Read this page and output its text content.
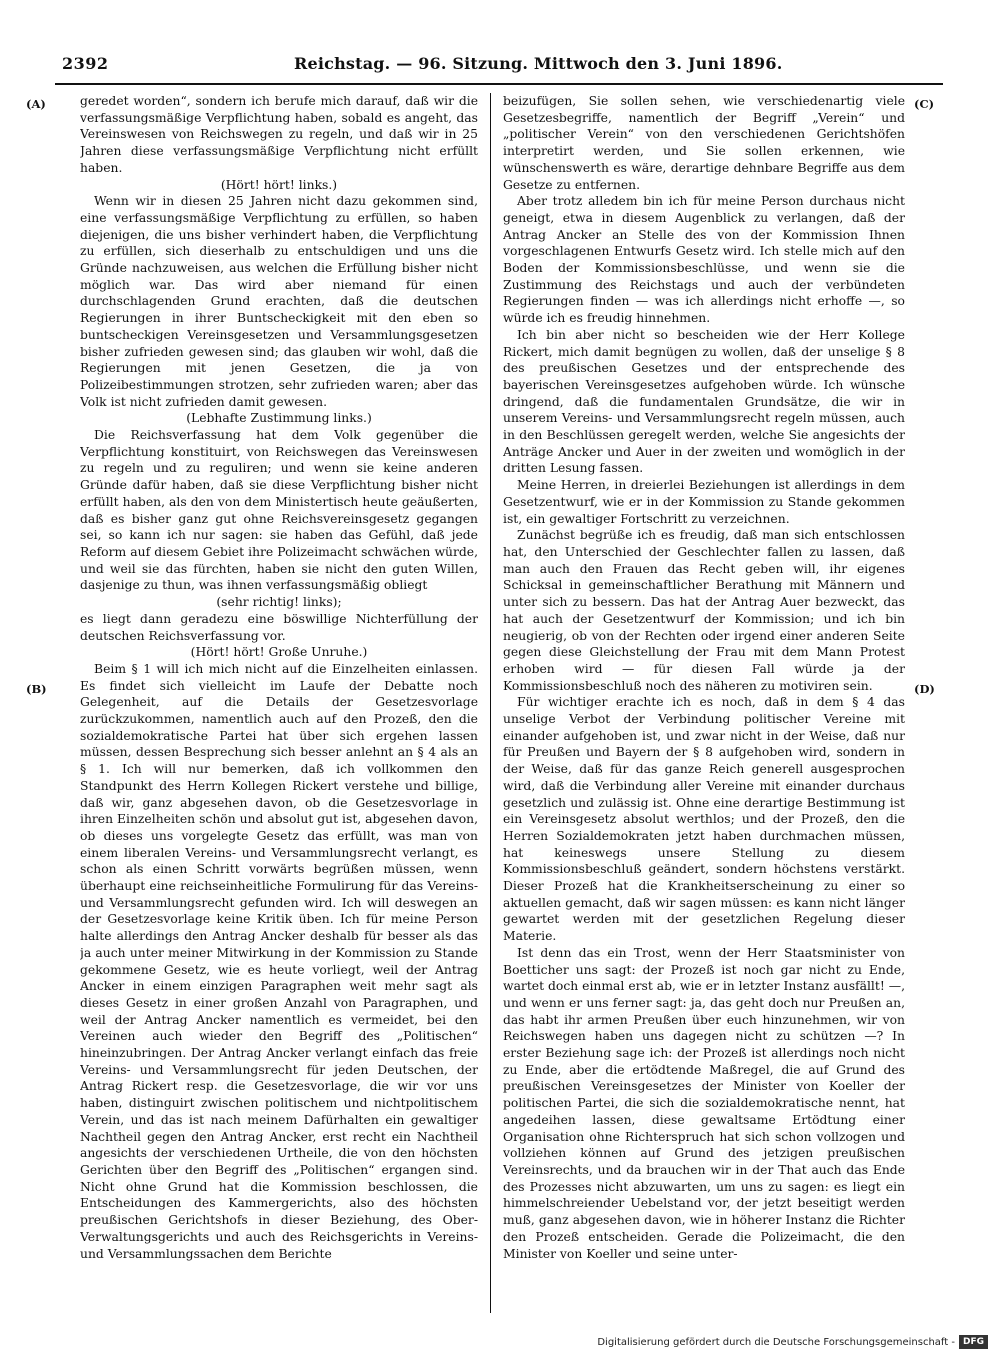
2392	Reichstag. — 96. Sitzung. Mittwoch den 3. Juni 1896.
(A)
(B)
(C)
(D)

geredet worden“, sondern ich berufe mich darauf, daß wir die verfassungsmäßige Verpflichtung haben, sobald es angeht, das Vereinswesen von Reichswegen zu regeln, und daß wir in 25 Jahren diese verfassungsmäßige Verpflichtung nicht erfüllt haben.

(Hört! hört! links.)

Wenn wir in diesen 25 Jahren nicht dazu gekommen sind, eine verfassungsmäßige Verpflichtung zu erfüllen, so haben diejenigen, die uns bisher verhindert haben, die Verpflichtung zu erfüllen, sich dieserhalb zu entschuldigen und uns die Gründe nachzuweisen, aus welchen die Erfüllung bisher nicht möglich war. Das wird aber niemand für einen durchschlagenden Grund erachten, daß die deutschen Regierungen in ihrer Buntscheckigkeit mit den eben so buntscheckigen Vereinsgesetzen und Versammlungsgesetzen bisher zufrieden gewesen sind; das glauben wir wohl, daß die Regierungen mit jenen Gesetzen, die ja von Polizeibestimmungen strotzen, sehr zufrieden waren; aber das Volk ist nicht zufrieden damit gewesen.

(Lebhafte Zustimmung links.)

Die Reichsverfassung hat dem Volk gegenüber die Verpflichtung konstituirt, von Reichswegen das Vereinswesen zu regeln und zu reguliren; und wenn sie keine anderen Gründe dafür haben, daß sie diese Verpflichtung bisher nicht erfüllt haben, als den von dem Ministertisch heute geäußerten, daß es bisher ganz gut ohne Reichsvereinsgesetz gegangen sei, so kann ich nur sagen: sie haben das Gefühl, daß jede Reform auf diesem Gebiet ihre Polizeimacht schwächen würde, und weil sie das fürchten, haben sie nicht den guten Willen, dasjenige zu thun, was ihnen verfassungsmäßig obliegt

(sehr richtig! links);

es liegt dann geradezu eine böswillige Nichterfüllung der deutschen Reichsverfassung vor.

(Hört! hört! Große Unruhe.)

Beim § 1 will ich mich nicht auf die Einzelheiten einlassen. Es findet sich vielleicht im Laufe der Debatte noch Gelegenheit, auf die Details der Gesetzesvorlage zurückzukommen, namentlich auch auf den Prozeß, den die sozialdemokratische Partei hat über sich ergehen lassen müssen, dessen Besprechung sich besser anlehnt an § 4 als an § 1. Ich will nur bemerken, daß ich vollkommen den Standpunkt des Herrn Kollegen Rickert verstehe und billige, daß wir, ganz abgesehen davon, ob die Gesetzesvorlage in ihren Einzelheiten schön und absolut gut ist, abgesehen davon, ob dieses uns vorgelegte Gesetz das erfüllt, was man von einem liberalen Vereins- und Versammlungsrecht verlangt, es schon als einen Schritt vorwärts begrüßen müssen, wenn überhaupt eine reichseinheitliche Formulirung für das Vereins- und Versammlungsrecht gefunden wird. Ich will deswegen an der Gesetzesvorlage keine Kritik üben. Ich für meine Person halte allerdings den Antrag Ancker deshalb für besser als das ja auch unter meiner Mitwirkung in der Kommission zu Stande gekommene Gesetz, wie es heute vorliegt, weil der Antrag Ancker in einem einzigen Paragraphen weit mehr sagt als dieses Gesetz in einer großen Anzahl von Paragraphen, und weil der Antrag Ancker namentlich es vermeidet, bei den Vereinen auch wieder den Begriff des „Politischen“ hineinzubringen. Der Antrag Ancker verlangt einfach das freie Vereins- und Versammlungsrecht für jeden Deutschen, der Antrag Rickert resp. die Gesetzesvorlage, die wir vor uns haben, distinguirt zwischen politischem und nichtpolitischem Verein, und das ist nach meinem Dafürhalten ein gewaltiger Nachtheil gegen den Antrag Ancker, erst recht ein Nachtheil angesichts der verschiedenen Urtheile, die von den höchsten Gerichten über den Begriff des „Politischen“ ergangen sind. Nicht ohne Grund hat die Kommission beschlossen, die Entscheidungen des Kammergerichts, also des höchsten preußischen Gerichtshofs in dieser Beziehung, des Ober-Verwaltungsgerichts und auch des Reichsgerichts in Vereins- und Versammlungssachen dem Berichte

beizufügen, Sie sollen sehen, wie verschiedenartig viele Gesetzesbegriffe, namentlich der Begriff „Verein“ und „politischer Verein“ von den verschiedenen Gerichtshöfen interpretirt werden, und Sie sollen erkennen, wie wünschenswerth es wäre, derartige dehnbare Begriffe aus dem Gesetze zu entfernen.

Aber trotz alledem bin ich für meine Person durchaus nicht geneigt, etwa in diesem Augenblick zu verlangen, daß der Antrag Ancker an Stelle des von der Kommission Ihnen vorgeschlagenen Entwurfs Gesetz wird. Ich stelle mich auf den Boden der Kommissionsbeschlüsse, und wenn sie die Zustimmung des Reichstags und auch der verbündeten Regierungen finden — was ich allerdings nicht erhoffe —, so würde ich es freudig hinnehmen.

Ich bin aber nicht so bescheiden wie der Herr Kollege Rickert, mich damit begnügen zu wollen, daß der unselige § 8 des preußischen Gesetzes und der entsprechende des bayerischen Vereinsgesetzes aufgehoben würde. Ich wünsche dringend, daß die fundamentalen Grundsätze, die wir in unserem Vereins- und Versammlungsrecht regeln müssen, auch in den Beschlüssen geregelt werden, welche Sie angesichts der Anträge Ancker und Auer in der zweiten und womöglich in der dritten Lesung fassen.

Meine Herren, in dreierlei Beziehungen ist allerdings in dem Gesetzentwurf, wie er in der Kommission zu Stande gekommen ist, ein gewaltiger Fortschritt zu verzeichnen.

Zunächst begrüße ich es freudig, daß man sich entschlossen hat, den Unterschied der Geschlechter fallen zu lassen, daß man auch den Frauen das Recht geben will, ihr eigenes Schicksal in gemeinschaftlicher Berathung mit Männern und unter sich zu bessern. Das hat der Antrag Auer bezweckt, das hat auch der Gesetzentwurf der Kommission; und ich bin neugierig, ob von der Rechten oder irgend einer anderen Seite gegen diese Gleichstellung der Frau mit dem Mann Protest erhoben wird — für diesen Fall würde ja der Kommissionsbeschluß noch des näheren zu motiviren sein.

Für wichtiger erachte ich es noch, daß in dem § 4 das unselige Verbot der Verbindung politischer Vereine mit einander aufgehoben ist, und zwar nicht in der Weise, daß nur für Preußen und Bayern der § 8 aufgehoben wird, sondern in der Weise, daß für das ganze Reich generell ausgesprochen wird, daß die Verbindung aller Vereine mit einander durchaus gesetzlich und zulässig ist. Ohne eine derartige Bestimmung ist ein Vereinsgesetz absolut werthlos; und der Prozeß, den die Herren Sozialdemokraten jetzt haben durchmachen müssen, hat keineswegs unsere Stellung zu diesem Kommissionsbeschluß geändert, sondern höchstens verstärkt. Dieser Prozeß hat die Krankheitserscheinung zu einer so aktuellen gemacht, daß wir sagen müssen: es kann nicht länger gewartet werden mit der gesetzlichen Regelung dieser Materie.

Ist denn das ein Trost, wenn der Herr Staatsminister von Boetticher uns sagt: der Prozeß ist noch gar nicht zu Ende, wartet doch einmal erst ab, wie er in letzter Instanz ausfällt! —, und wenn er uns ferner sagt: ja, das geht doch nur Preußen an, das habt ihr armen Preußen über euch hinzunehmen, wir von Reichswegen haben uns dagegen nicht zu schützen —? In erster Beziehung sage ich: der Prozeß ist allerdings noch nicht zu Ende, aber die ertödtende Maßregel, die auf Grund des preußischen Vereinsgesetzes der Minister von Koeller der politischen Partei, die sich die sozialdemokratische nennt, hat angedeihen lassen, diese gewaltsame Ertödtung einer Organisation ohne Richterspruch hat sich schon vollzogen und vollziehen können auf Grund des jetzigen preußischen Vereinsrechts, und da brauchen wir in der That auch das Ende des Prozesses nicht abzuwarten, um uns zu sagen: es liegt ein himmelschreiender Uebelstand vor, der jetzt beseitigt werden muß, ganz abgesehen davon, wie in höherer Instanz die Richter den Prozeß entscheiden. Gerade die Polizeimacht, die den Minister von Koeller und seine unter-

Digitalisierung gefördert durch die Deutsche Forschungsgemeinschaft - DFG
